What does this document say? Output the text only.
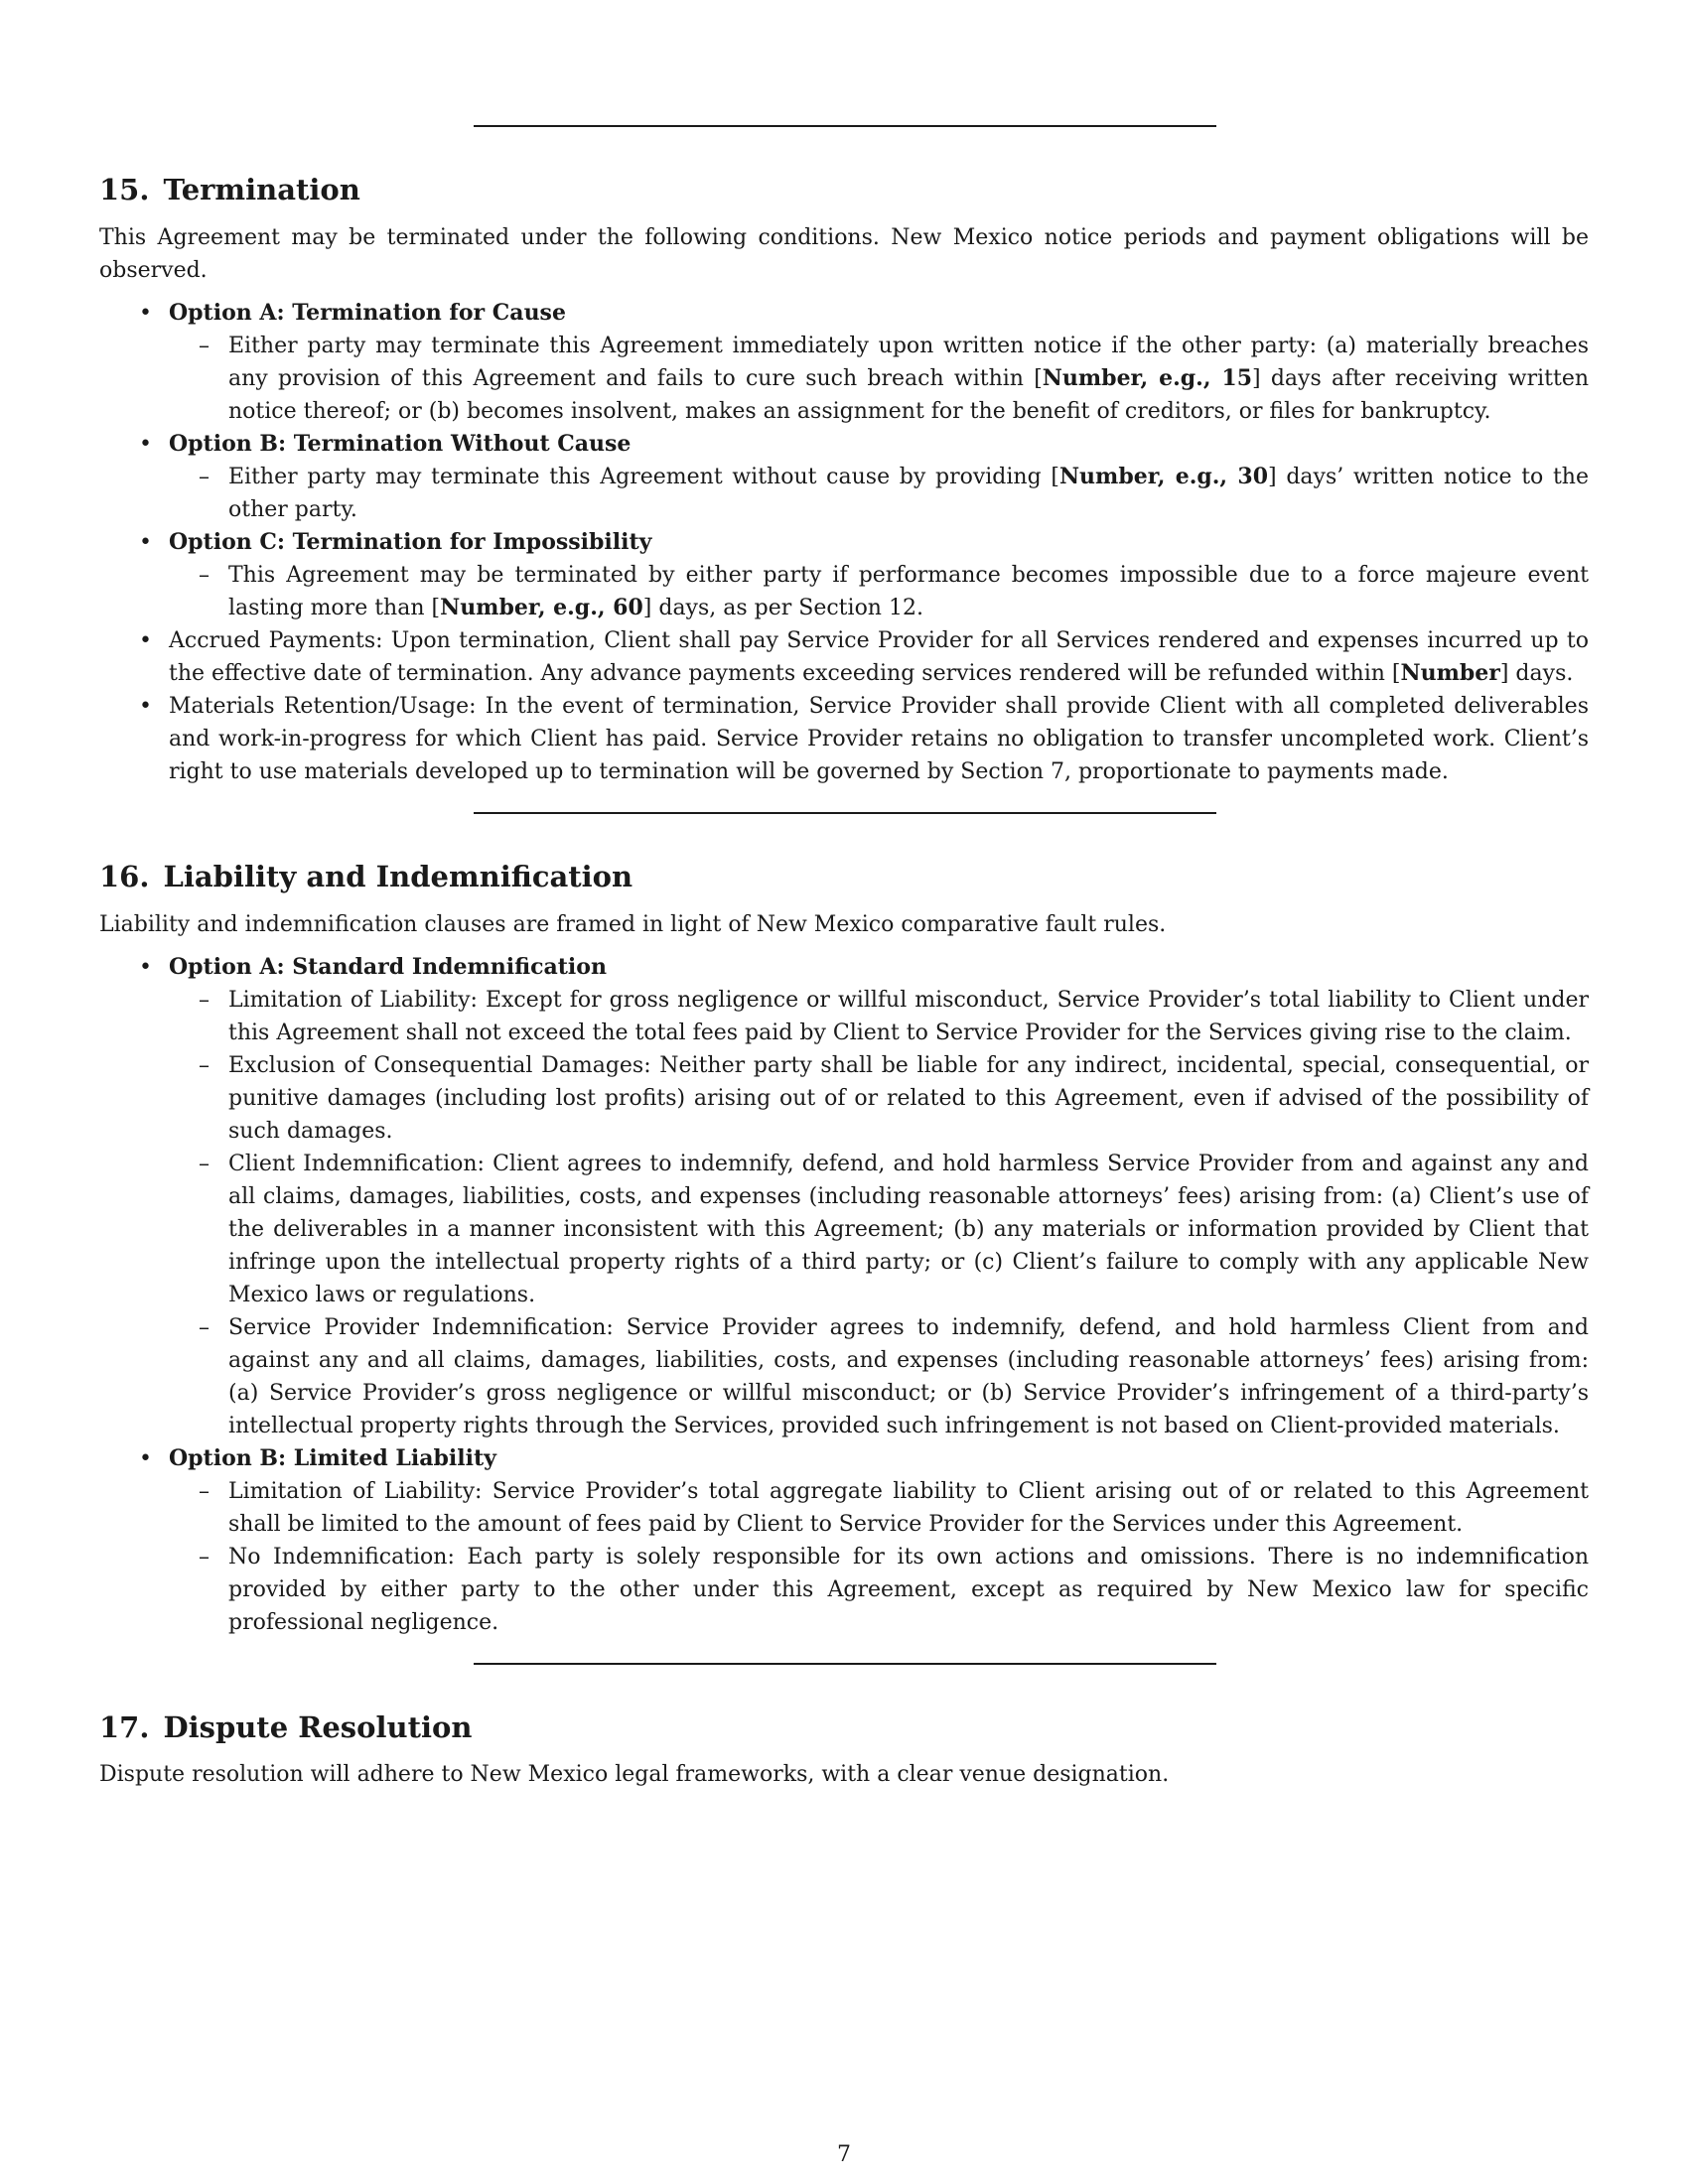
15. Termination

This Agreement may be terminated under the following conditions. New Mexico notice periods and payment obligations will be observed.

• Option A: Termination for Cause
– Either party may terminate this Agreement immediately upon written notice if the other party: (a) materially breaches any provision of this Agreement and fails to cure such breach within [Number, e.g., 15] days after receiving written notice thereof; or (b) becomes insolvent, makes an assignment for the benefit of creditors, or files for bankruptcy.
• Option B: Termination Without Cause
– Either party may terminate this Agreement without cause by providing [Number, e.g., 30] days’ written notice to the other party.
• Option C: Termination for Impossibility
– This Agreement may be terminated by either party if performance becomes impossible due to a force majeure event lasting more than [Number, e.g., 60] days, as per Section 12.
• Accrued Payments: Upon termination, Client shall pay Service Provider for all Services rendered and expenses incurred up to the effective date of termination. Any advance payments exceeding services rendered will be refunded within [Number] days.
• Materials Retention/Usage: In the event of termination, Service Provider shall provide Client with all completed deliverables and work-in-progress for which Client has paid. Service Provider retains no obligation to transfer uncompleted work. Client’s right to use materials developed up to termination will be governed by Section 7, proportionate to payments made.
16. Liability and Indemnification

Liability and indemnification clauses are framed in light of New Mexico comparative fault rules.

• Option A: Standard Indemnification
– Limitation of Liability: Except for gross negligence or willful misconduct, Service Provider’s total liability to Client under this Agreement shall not exceed the total fees paid by Client to Service Provider for the Services giving rise to the claim.
– Exclusion of Consequential Damages: Neither party shall be liable for any indirect, incidental, special, consequential, or punitive damages (including lost profits) arising out of or related to this Agreement, even if advised of the possibility of such damages.
– Client Indemnification: Client agrees to indemnify, defend, and hold harmless Service Provider from and against any and all claims, damages, liabilities, costs, and expenses (including reasonable attorneys’ fees) arising from: (a) Client’s use of the deliverables in a manner inconsistent with this Agreement; (b) any materials or information provided by Client that infringe upon the intellectual property rights of a third party; or (c) Client’s failure to comply with any applicable New Mexico laws or regulations.
– Service Provider Indemnification: Service Provider agrees to indemnify, defend, and hold harmless Client from and against any and all claims, damages, liabilities, costs, and expenses (including reasonable attorneys’ fees) arising from: (a) Service Provider’s gross negligence or willful misconduct; or (b) Service Provider’s infringement of a third-party’s intellectual property rights through the Services, provided such infringement is not based on Client-provided materials.
• Option B: Limited Liability
– Limitation of Liability: Service Provider’s total aggregate liability to Client arising out of or related to this Agreement shall be limited to the amount of fees paid by Client to Service Provider for the Services under this Agreement.
– No Indemnification: Each party is solely responsible for its own actions and omissions. There is no indemnification provided by either party to the other under this Agreement, except as required by New Mexico law for specific professional negligence.
17. Dispute Resolution

Dispute resolution will adhere to New Mexico legal frameworks, with a clear venue designation.

7
